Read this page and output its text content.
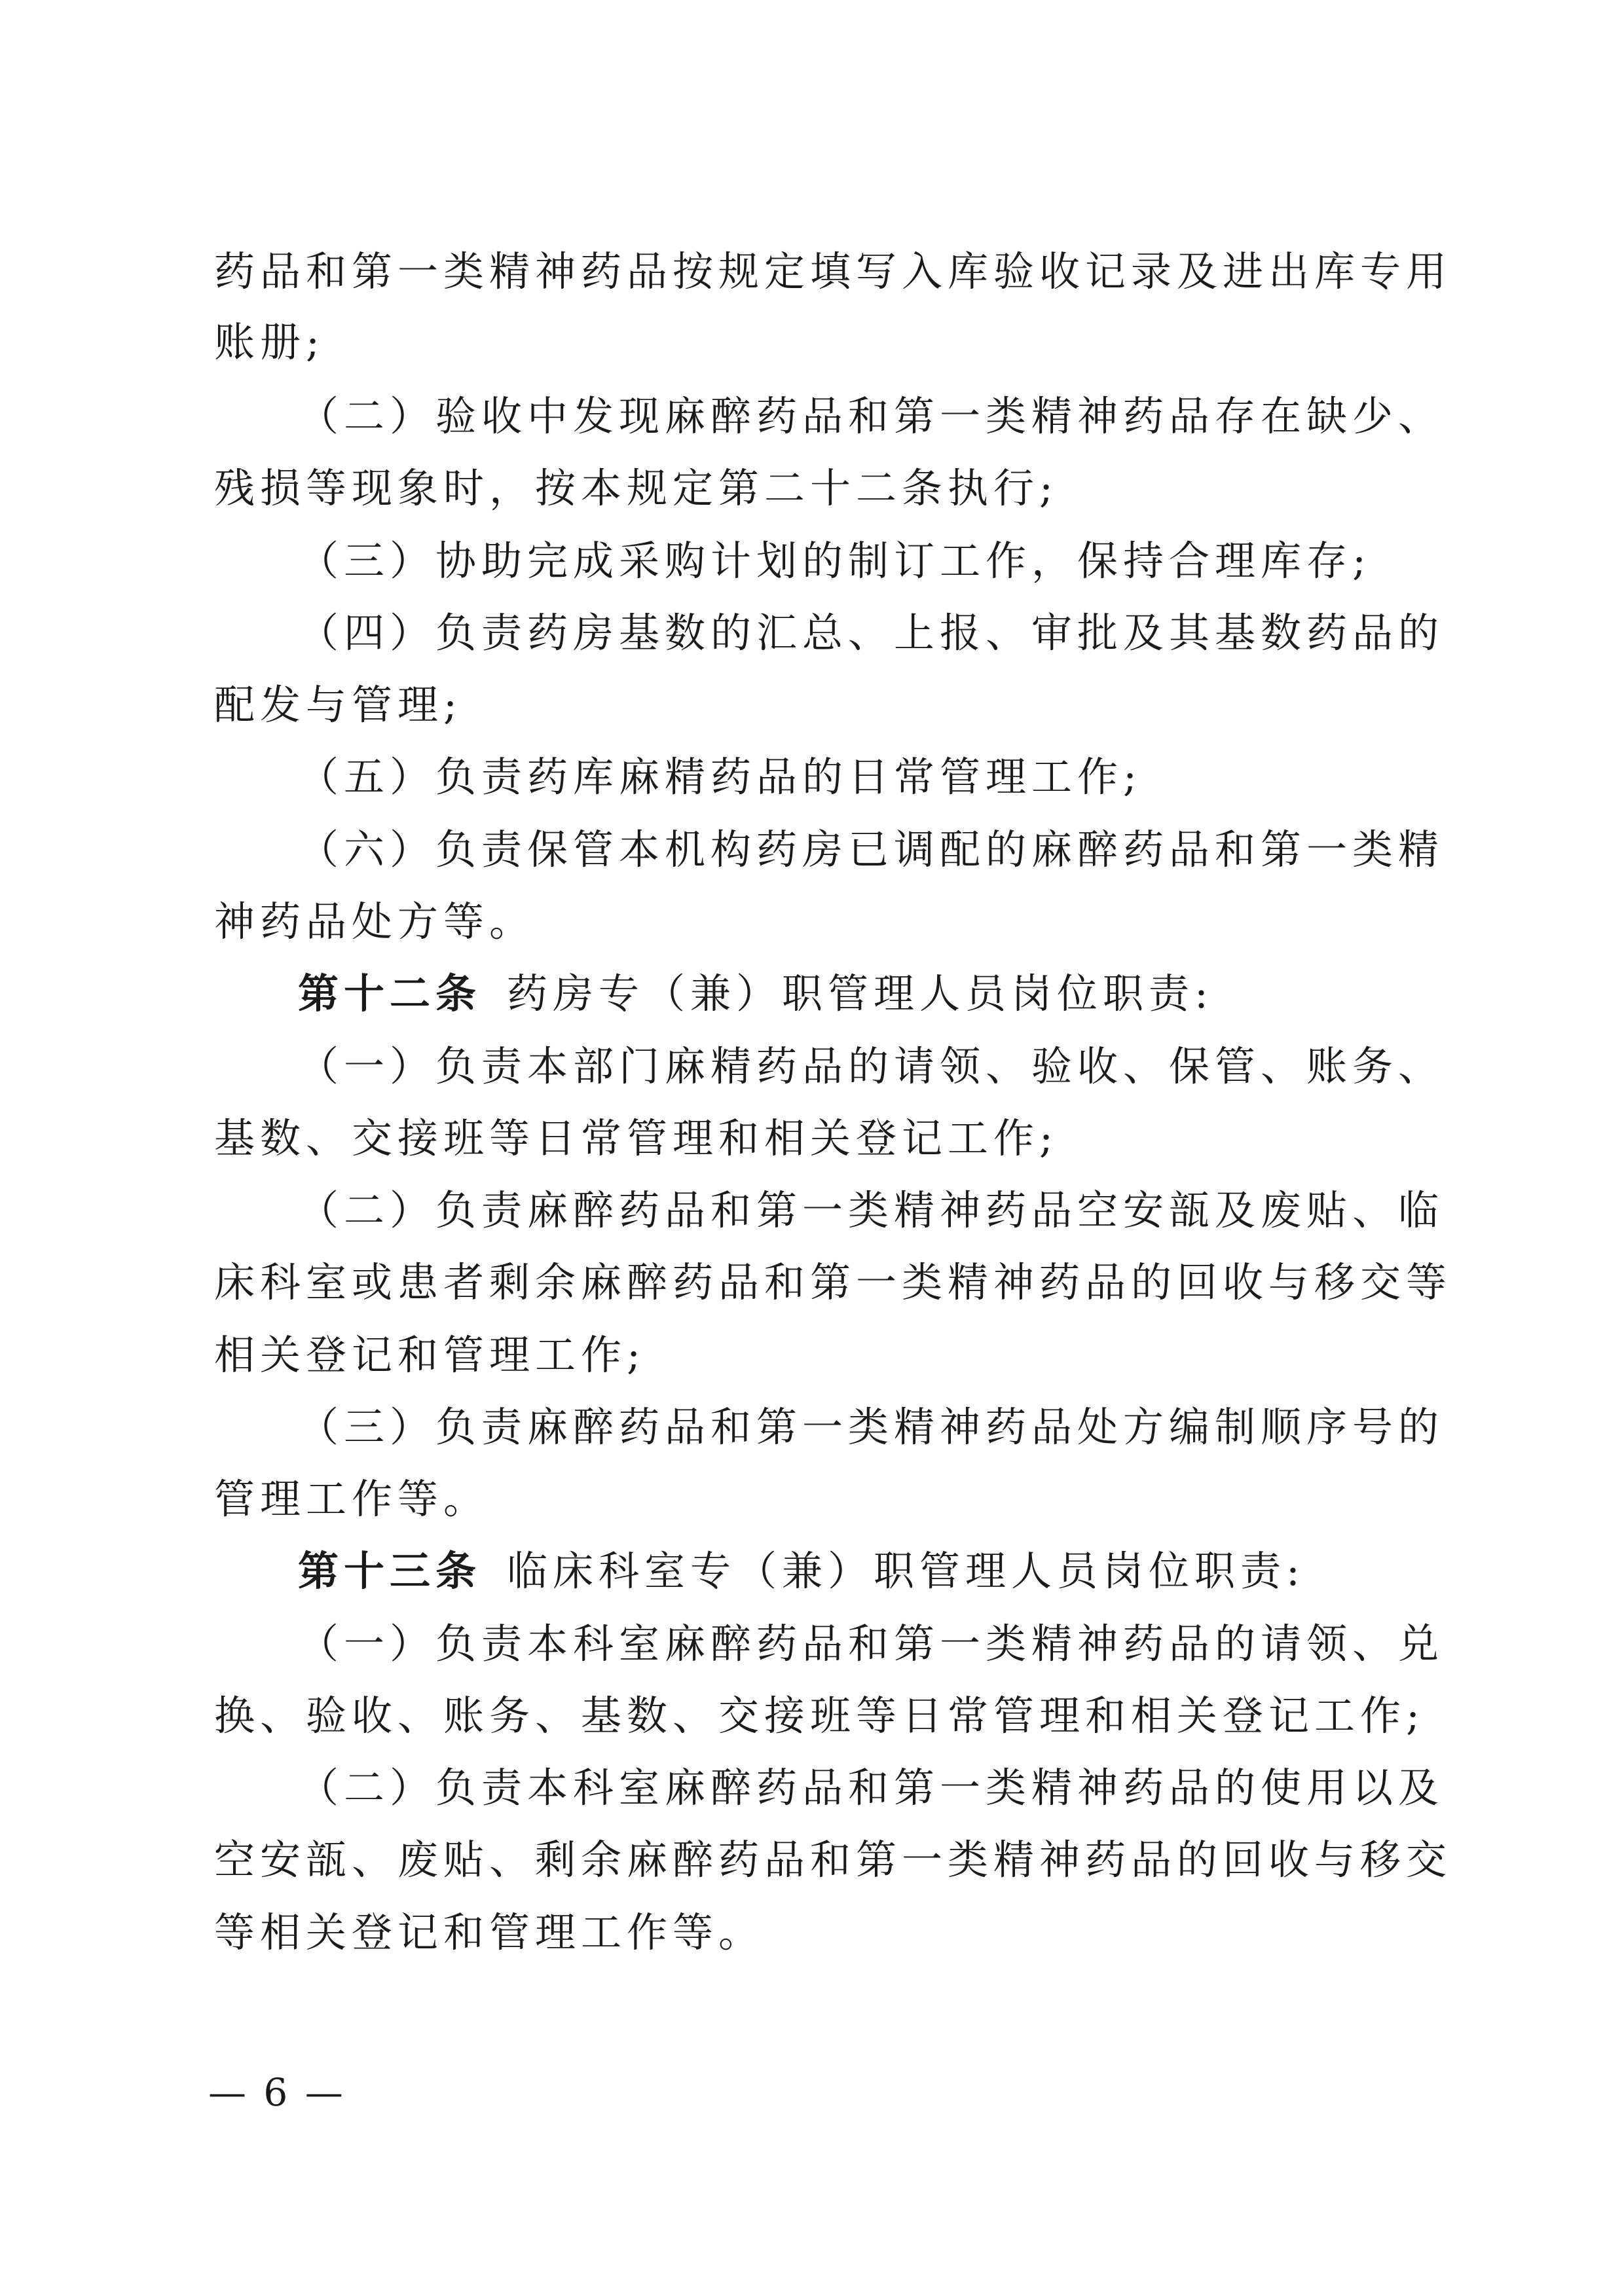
药品和第一类精神药品按规定填写入库验收记录及进出库专用
账册;
（二）验收中发现麻醉药品和第一类精神药品存在缺少、
残损等现象时，按本规定第二十二条执行;
（三）协助完成采购计划的制订工作，保持合理库存;
（四）负责药房基数的汇总、上报、审批及其基数药品的
配发与管理;
（五）负责药库麻精药品的日常管理工作;
（六）负责保管本机构药房已调配的麻醉药品和第一类精
神药品处方等。
第十二条  药房专（兼）职管理人员岗位职责:
（一）负责本部门麻精药品的请领、验收、保管、账务、
基数、交接班等日常管理和相关登记工作;
（二）负责麻醉药品和第一类精神药品空安瓿及废贴、临
床科室或患者剩余麻醉药品和第一类精神药品的回收与移交等
相关登记和管理工作;
（三）负责麻醉药品和第一类精神药品处方编制顺序号的
管理工作等。
第十三条  临床科室专（兼）职管理人员岗位职责:
（一）负责本科室麻醉药品和第一类精神药品的请领、兑
换、验收、账务、基数、交接班等日常管理和相关登记工作;
（二）负责本科室麻醉药品和第一类精神药品的使用以及
空安瓿、废贴、剩余麻醉药品和第一类精神药品的回收与移交
等相关登记和管理工作等。
— 6 —
